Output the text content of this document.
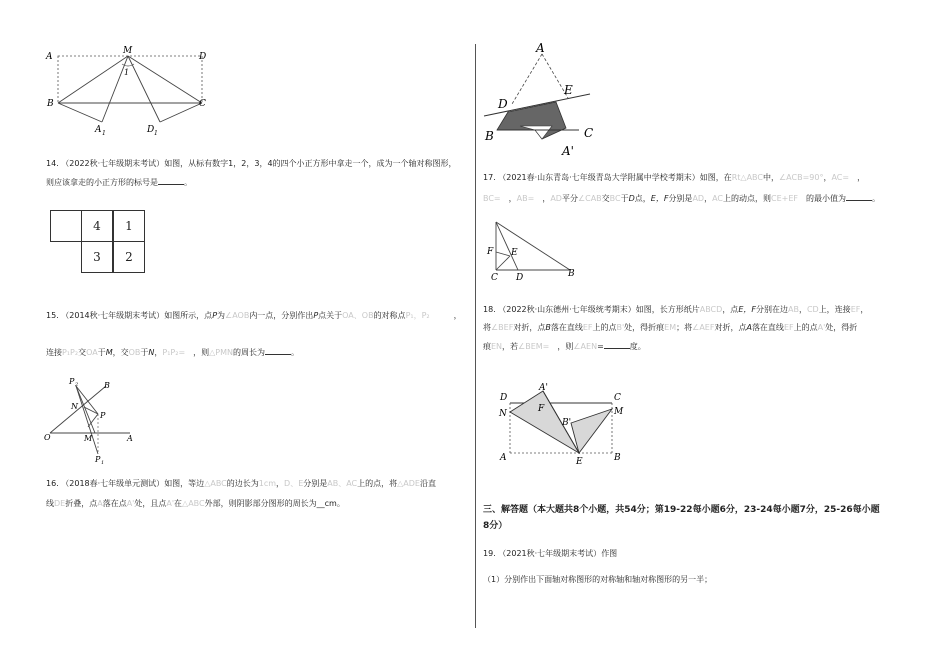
A
M
D
1
B	C
A 1	D 1
14. （2022秋·七年级期末考试）如图，从标有数字1，2，3，4的四个小正方形中拿走一个，成为一个轴对称图形，
则应该拿走的小正方形的标号是	。
4	1
3	2
15. （2014秋·七年级期末考试）如图所示，点P为∠AOB内一点，分别作出P点关于OA、OB的对称点P₁，P₂　　　	，
连接P₁P₂交OA于M，交OB于N，P₁P₂=　 ，则△PMN的周长为	。
P 2	B
N
P
O	M	A
P 1
16. （2018春·七年级单元测试）如图，等边△ABC的边长为1cm，D、E分别是AB、AC上的点，将△ADE沿直
线DE折叠，点A落在点A'处，且点A'在△ABC外部，则阴影部分图形的周长为__cm。
A
D
E
B	C
A'
17. （2021春·山东青岛·七年级青岛大学附属中学校考期末）如图，在Rt△ABC中，∠ACB=90°，AC=　，
BC=　 ，AB=　 ，AD平分∠CAB交BC于D点，E，F分别是AD，AC上的动点，则CE+EF　 的最小值为	。
F E
C D	B
18. （2022秋·山东德州·七年级统考期末）如图，长方形纸片ABCD，点E，F分别在边AB，CD上，连接EF，
将∠BEF对折，点B落在直线EF上的点B'处，得折痕EM；将∠AEF对折，点A落在直线EF上的点A'处，得折
痕EN，若∠BEM=　 ，则∠AEN=	度。
D
A'
C
N	F	M
B'
A	E	B
三、解答题（本大题共8个小题，共54分；第19-22每小题6分，23-24每小题7分，25-26每小题
8分）
19. （2021秋·七年级期末考试）作图
（1）分别作出下面轴对称图形的对称轴和轴对称图形的另一半；
